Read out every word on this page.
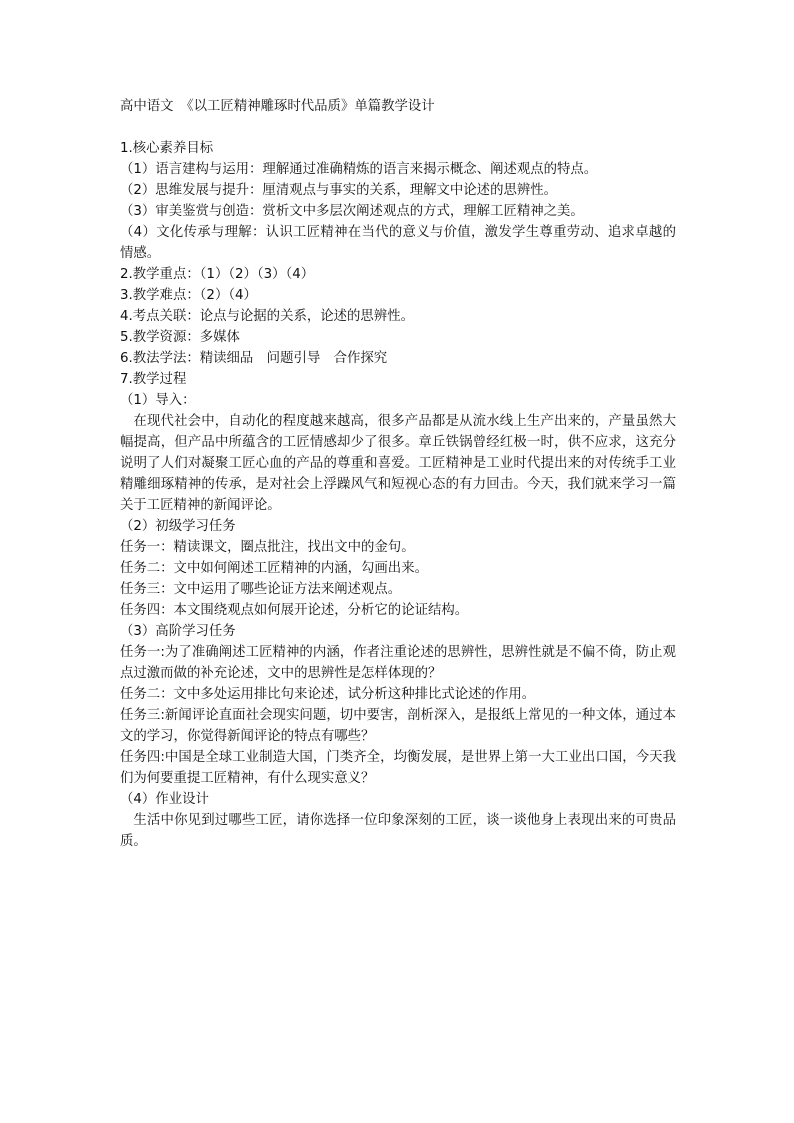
高中语文　《以工匠精神雕琢时代品质》单篇教学设计
1.核心素养目标
（1）语言建构与运用：理解通过准确精炼的语言来揭示概念、阐述观点的特点。
（2）思维发展与提升：厘清观点与事实的关系，理解文中论述的思辨性。
（3）审美鉴赏与创造：赏析文中多层次阐述观点的方式，理解工匠精神之美。
（4）文化传承与理解：认识工匠精神在当代的意义与价值，激发学生尊重劳动、追求卓越的情感。
2.教学重点：（1）（2）（3）（4）
3.教学难点：（2）（4）
4.考点关联：论点与论据的关系，论述的思辨性。
5.教学资源：多媒体
6.教法学法：精读细品　问题引导　合作探究
7.教学过程
（1）导入：
在现代社会中，自动化的程度越来越高，很多产品都是从流水线上生产出来的，产量虽然大幅提高，但产品中所蕴含的工匠情感却少了很多。章丘铁锅曾经红极一时，供不应求，这充分说明了人们对凝聚工匠心血的产品的尊重和喜爱。工匠精神是工业时代提出来的对传统手工业精雕细琢精神的传承，是对社会上浮躁风气和短视心态的有力回击。今天，我们就来学习一篇关于工匠精神的新闻评论。
（2）初级学习任务
任务一：精读课文，圈点批注，找出文中的金句。
任务二：文中如何阐述工匠精神的内涵，勾画出来。
任务三：文中运用了哪些论证方法来阐述观点。
任务四：本文围绕观点如何展开论述，分析它的论证结构。
（3）高阶学习任务
任务一:为了准确阐述工匠精神的内涵，作者注重论述的思辨性，思辨性就是不偏不倚，防止观点过激而做的补充论述，文中的思辨性是怎样体现的？
任务二：文中多处运用排比句来论述，试分析这种排比式论述的作用。
任务三:新闻评论直面社会现实问题，切中要害，剖析深入，是报纸上常见的一种文体，通过本文的学习，你觉得新闻评论的特点有哪些？
任务四:中国是全球工业制造大国，门类齐全，均衡发展，是世界上第一大工业出口国，今天我们为何要重提工匠精神，有什么现实意义？
（4）作业设计
生活中你见到过哪些工匠，请你选择一位印象深刻的工匠，谈一谈他身上表现出来的可贵品质。
